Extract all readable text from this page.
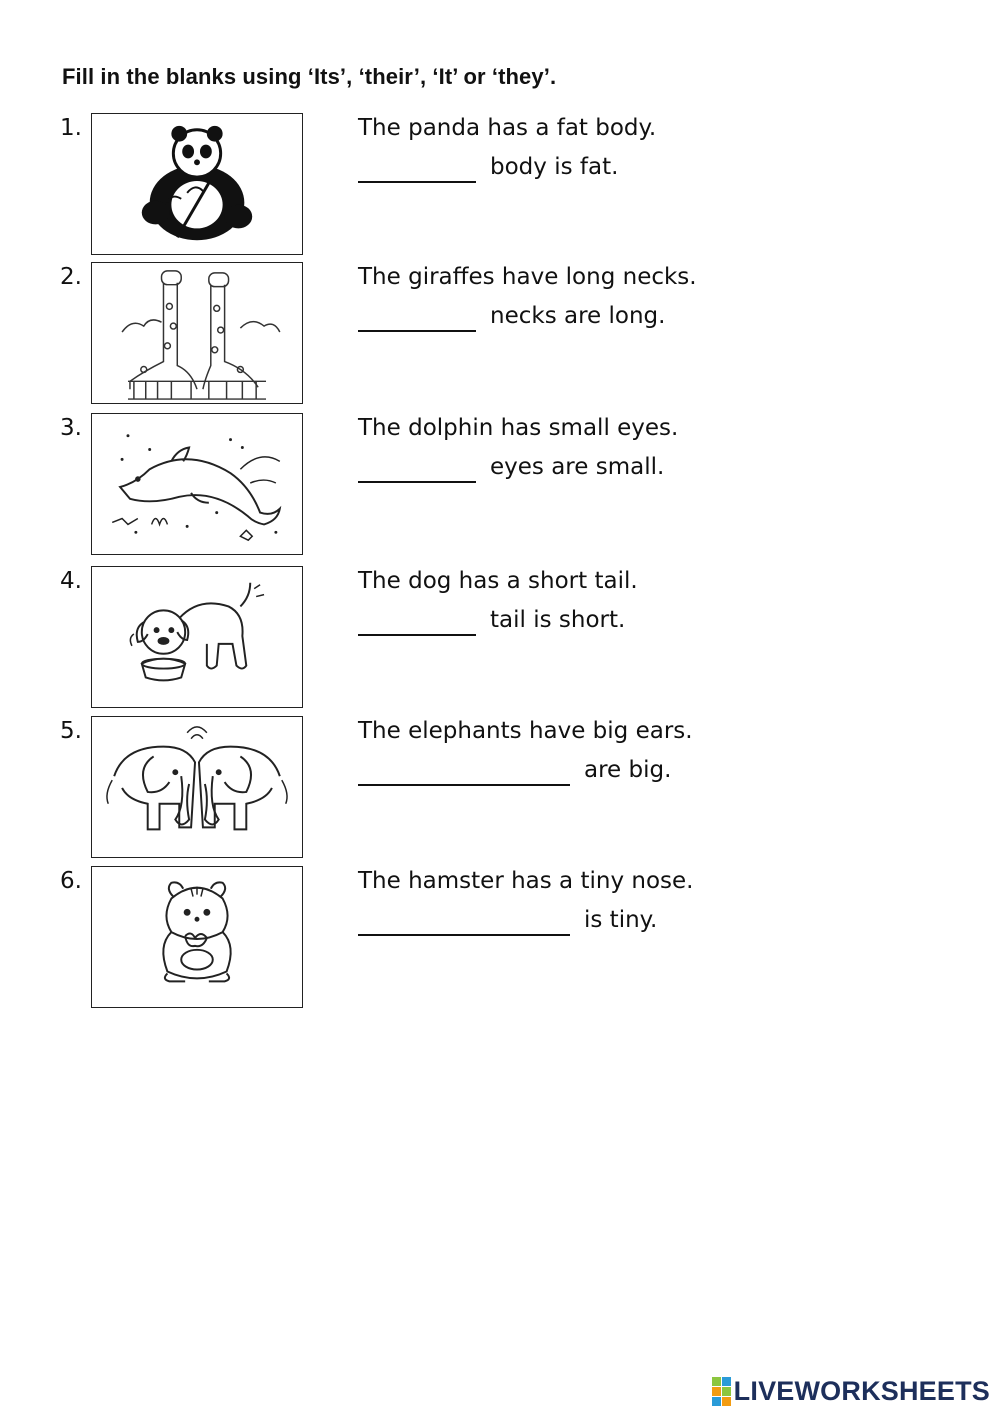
Fill in the blanks using ‘Its’, ‘their’, ‘It’ or ‘they’.

1.	The panda has a fat body.

body is fat.
2.	The giraffes have long necks.

necks are long.
3.	The dolphin has small eyes.

eyes are small.
4.	The dog has a short tail.

tail is short.
5.	The elephants have big ears.

are big.
6.	The hamster has a tiny nose.

is tiny.
LIVEWORKSHEETS
